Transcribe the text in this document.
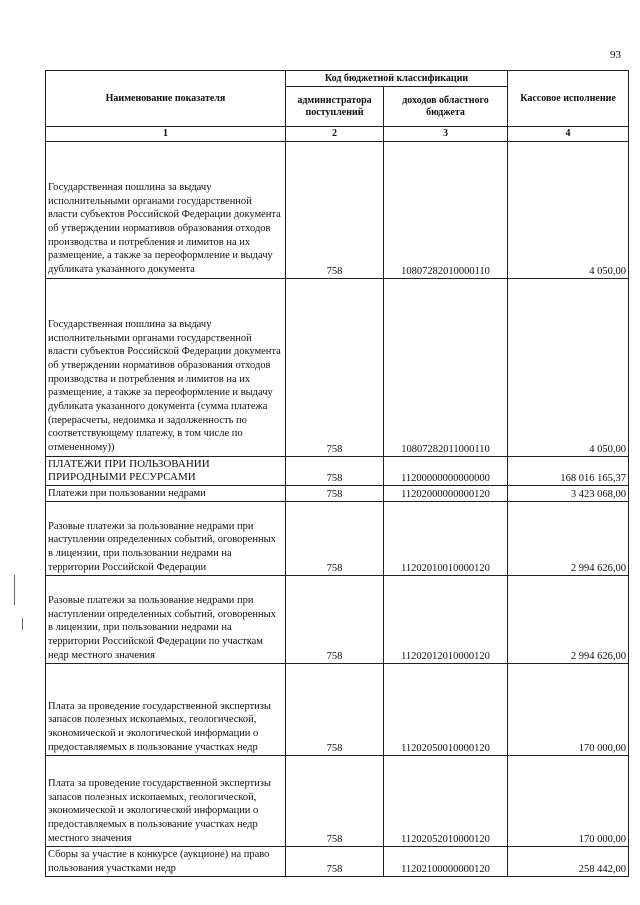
93
Наименование показателя	Код бюджетной классификации		Кассовое исполнение
	администратора поступлений	доходов областного бюджета	
1	2	3	4
Государственная пошлина за выдачу исполнительными органами государственной власти субъектов Российской Федерации документа об утверждении нормативов образования отходов производства и потребления и лимитов на их размещение, а также за переоформление и выдачу дубликата указанного документа	758	10807282010000110	4 050,00
Государственная пошлина за выдачу исполнительными органами государственной власти субъектов Российской Федерации документа об утверждении нормативов образования отходов производства и потребления и лимитов на их размещение, а также за переоформление и выдачу дубликата указанного документа (сумма платежа (перерасчеты, недоимка и задолженность по соответствующему платежу, в том числе по отмененному))	758	10807282011000110	4 050,00
ПЛАТЕЖИ ПРИ ПОЛЬЗОВАНИИ ПРИРОДНЫМИ РЕСУРСАМИ	758	11200000000000000	168 016 165,37
Платежи при пользовании недрами	758	11202000000000120	3 423 068,00
Разовые платежи за пользование недрами при наступлении определенных событий, оговоренных в лицензии, при пользовании недрами на территории Российской Федерации	758	11202010010000120	2 994 626,00
Разовые платежи за пользование недрами при наступлении определенных событий, оговоренных в лицензии, при пользовании недрами на территории Российской Федерации по участкам недр местного значения	758	11202012010000120	2 994 626,00
Плата за проведение государственной экспертизы запасов полезных ископаемых, геологической, экономической и экологической информации о предоставляемых в пользование участках недр	758	11202050010000120	170 000,00
Плата за проведение государственной экспертизы запасов полезных ископаемых, геологической, экономической и экологической информации о предоставляемых в пользование участках недр местного значения	758	11202052010000120	170 000,00
Сборы за участие в конкурсе (аукционе) на право пользования участками недр	758	11202100000000120	258 442,00
